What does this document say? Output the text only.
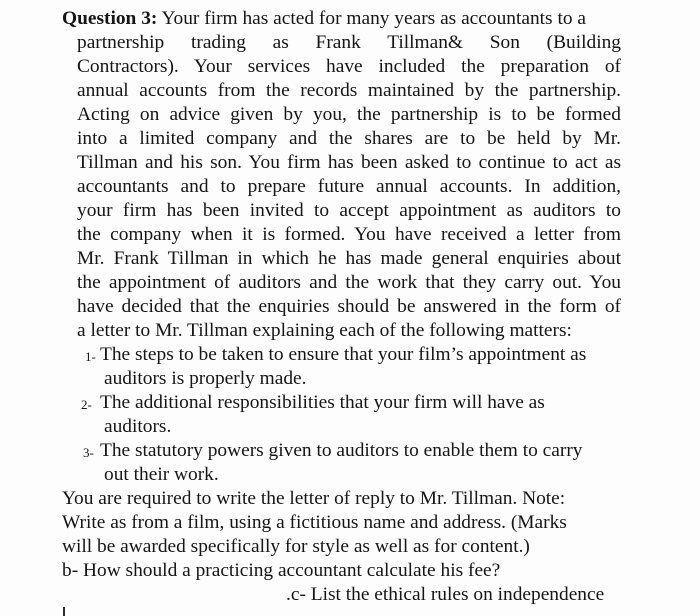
Question 3: Your firm has acted for many years as accountants to a
partnership trading as Frank Tillman& Son (Building
Contractors). Your services have included the preparation of
annual accounts from the records maintained by the partnership.
Acting on advice given by you, the partnership is to be formed
into a limited company and the shares are to be held by Mr.
Tillman and his son. You firm has been asked to continue to act as
accountants and to prepare future annual accounts. In addition,
your firm has been invited to accept appointment as auditors to
the company when it is formed. You have received a letter from
Mr. Frank Tillman in which he has made general enquiries about
the appointment of auditors and the work that they carry out. You
have decided that the enquiries should be answered in the form of
a letter to Mr. Tillman explaining each of the following matters:
1- The steps to be taken to ensure that your film’s appointment as
auditors is properly made.
2- The additional responsibilities that your firm will have as
auditors.
3- The statutory powers given to auditors to enable them to carry
out their work.
You are required to write the letter of reply to Mr. Tillman. Note:
Write as from a film, using a fictitious name and address. (Marks
will be awarded specifically for style as well as for content.)
b- How should a practicing accountant calculate his fee?
.c- List the ethical rules on independence
